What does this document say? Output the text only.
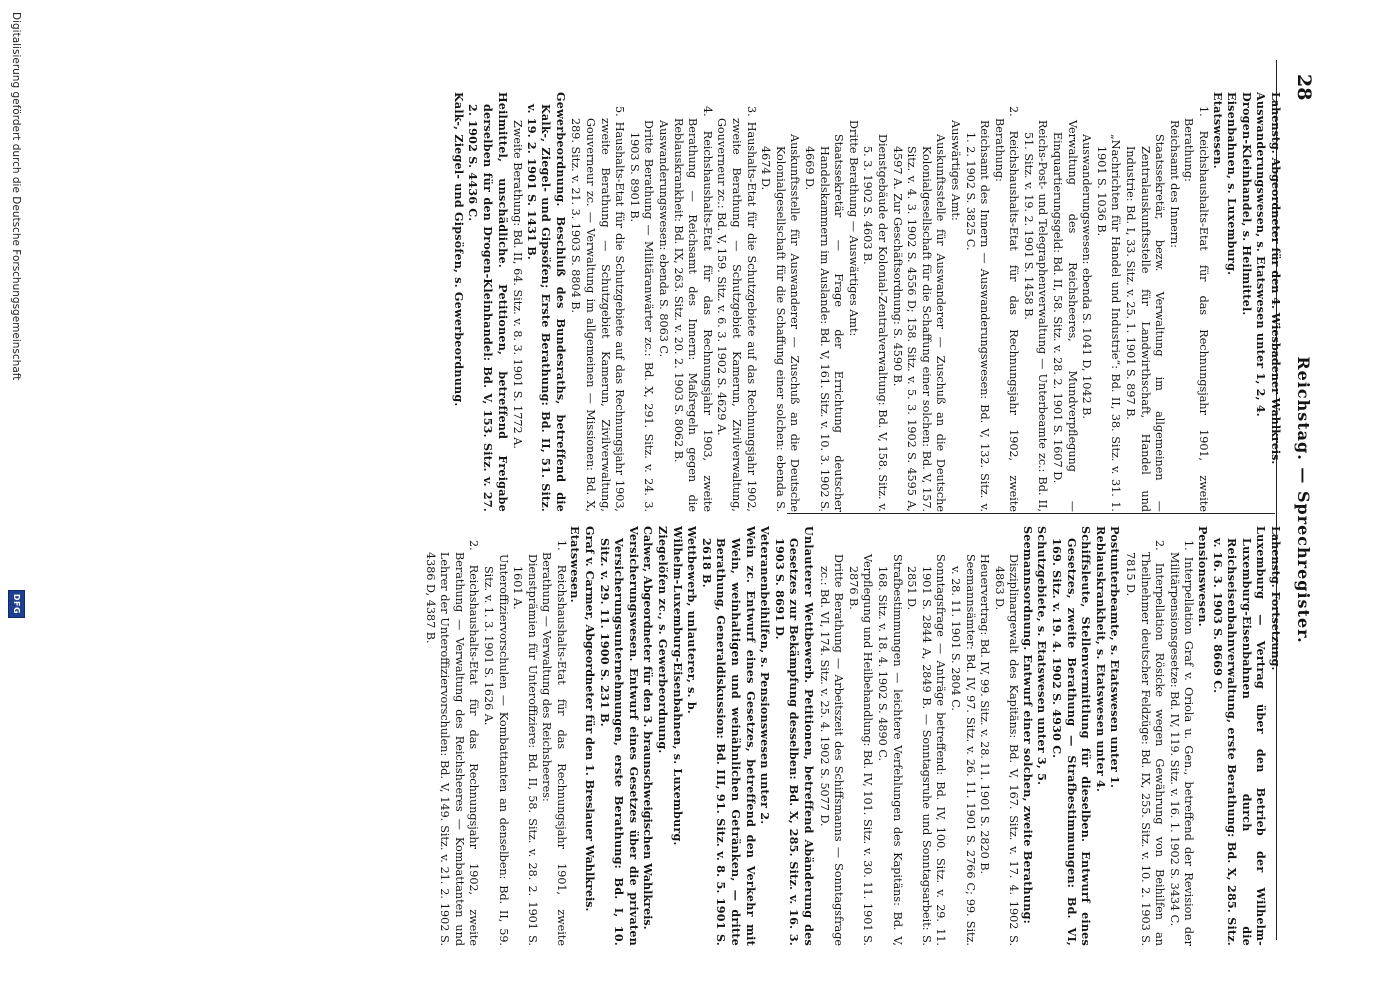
28
Reichstag. — Sprechregister.

Lahenstg. Abgeordneter für den 4. Wiesbadener Wahlkreis.

Auswanderungswesen, s. Etatswesen unter 1, 2, 4.

Drogen-Kleinhandel, s. Heilmittel.

Eisenbahnen, s. Luxemburg.

Etatswesen.

1. Reichshaushalts-Etat für das Rechnungsjahr 1901, zweite Berathung:

Reichsamt des Innern:

Staatssekretär, bezw. Verwaltung im allgemeinen — Zentralauskunftsstelle für Landwirthschaft, Handel und Industrie: Bd. I, 33. Sitz. v. 25. 1. 1901 S. 897 B.

„Nachrichten für Handel und Industrie“: Bd. II, 38. Sitz. v. 31. 1. 1901 S. 1036 B.

Auswanderungswesen: ebenda S. 1041 D, 1042 B.

Verwaltung des Reichsheeres, Mundverpflegung — Einquartierungsgeld: Bd. II, 58. Sitz. v. 28. 2. 1901 S. 1607 D.

Reichs-Post- und Telegraphenverwaltung — Unterbeamte zc.: Bd. II, 51. Sitz. v. 19. 2. 1901 S. 1458 B.

2. Reichshaushalts-Etat für das Rechnungsjahr 1902, zweite Berathung:

Reichsamt des Innern — Auswanderungswesen: Bd. V, 132. Sitz. v. 1. 2. 1902 S. 3825 C.

Auswärtiges Amt:

Auskunftsstelle für Auswanderer — Zuschuß an die Deutsche Kolonialgesellschaft für die Schaffung einer solchen: Bd. V, 157. Sitz. v. 4. 3. 1902 S. 4556 D; 158. Sitz. v. 5. 3. 1902 S. 4595 A, 4597 A. Zur Geschäftsordnung: S. 4590 B.

Dienstgebäude der Kolonial-Zentralverwaltung: Bd. V, 158. Sitz. v. 5. 3. 1902 S. 4603 B.

Dritte Berathung — Auswärtiges Amt:

Staatssekretär — Frage der Errichtung deutscher Handelskammern im Auslande: Bd. V, 161. Sitz. v. 10. 3. 1902 S. 4669 D.

Auskunftsstelle für Auswanderer — Zuschuß an die Deutsche Kolonialgesellschaft für die Schaffung einer solchen: ebenda S. 4674 D.

3. Haushalts-Etat für die Schutzgebiete auf das Rechnungsjahr 1902, zweite Berathung — Schutzgebiet Kamerun, Zivilverwaltung, Gouverneur zc.: Bd. V, 159. Sitz. v. 6. 3. 1902 S. 4629 A.

4. Reichshaushalts-Etat für das Rechnungsjahr 1903, zweite Berathung — Reichsamt des Innern: Maßregeln gegen die Reblauskrankheit: Bd. IX, 263. Sitz. v. 20. 2. 1903 S. 8062 B.

Auswanderungswesen: ebenda S. 8063 C.

Dritte Berathung — Militäranwärter zc.: Bd. X, 291. Sitz. v. 24. 3. 1903 S. 8901 B.

5. Haushalts-Etat für die Schutzgebiete auf das Rechnungsjahr 1903, zweite Berathung — Schutzgebiet Kamerun, Zivilverwaltung, Gouverneur zc. — Verwaltung im allgemeinen — Missionen: Bd. X, 289. Sitz. v. 21. 3. 1903 S. 8804 B.

Gewerbeordnung. Beschluß des Bundesraths, betreffend die Kalk-, Ziegel- und Gipsöfen; Erste Berathung: Bd. II, 51. Sitz. v. 19. 2. 1901 S. 1431 B.

Zweite Berathung: Bd. II, 64. Sitz. v. 8. 3. 1901 S. 1772 A.

Heilmittel, unschädliche. Petitionen, betreffend Freigabe derselben für den Drogen-Kleinhandel: Bd. V, 153. Sitz. v. 27. 2. 1902 S. 4436 C.

Kalk-, Ziegel- und Gipsöfen, s. Gewerbeordnung.

Lahenstg. Fortsetzung.

Luxemburg — Vertrag über den Betrieb der Wilhelm-Luxemburg-Eisenbahnen durch die Reichseisenbahnverwaltung, erste Berathung: Bd. X, 285. Sitz. v. 16. 3. 1903 S. 8669 C.

Pensionswesen.

1. Interpellation Graf v. Oriola u. Gen., betreffend der Revision der Militärpensionsgesetze: Bd. IV, 119. Sitz. v. 16. 1. 1902 S. 3434 C.

2. Interpellation Rösicke wegen Gewährung von Beihilfen an Theilnehmer deutscher Feldzüge: Bd. IX, 255. Sitz. v. 10. 2. 1903 S. 7815 D.

Postunterbeamte, s. Etatswesen unter 1.

Reblauskrankheit, s. Etatswesen unter 4.

Schiffsleute, Stellenvermittlung für dieselben. Entwurf eines Gesetzes, zweite Berathung — Strafbestimmungen: Bd. VI, 169. Sitz. v. 19. 4. 1902 S. 4930 C.

Schutzgebiete, s. Etatswesen unter 3, 5.

Seemannsordnung. Entwurf einer solchen, zweite Berathung:

Disziplinargewalt des Kapitäns: Bd. V, 167. Sitz. v. 17. 4. 1902 S. 4863 D.

Heuervertrag: Bd. IV, 99. Sitz. v. 28. 11. 1901 S. 2820 B.

Seemannsämter: Bd. IV, 97. Sitz. v. 26. 11. 1901 S. 2766 C; 99. Sitz. v. 28. 11. 1901 S. 2804 C.

Sonntagsfrage — Anträge betreffend: Bd. IV, 100. Sitz. v. 29. 11. 1901 S. 2844 A, 2849 B. — Sonntagsruhe und Sonntagsarbeit: S. 2851 D.

Strafbestimmungen — leichtere Verfehlungen des Kapitäns: Bd. V, 168. Sitz. v. 18. 4. 1902 S. 4890 C.

Verpflegung und Heilbehandlung: Bd. IV, 101. Sitz. v. 30. 11. 1901 S. 2876 B.

Dritte Berathung — Arbeitszeit des Schiffsmanns — Sonntagsfrage zc.: Bd. VI, 174. Sitz. v. 25. 4. 1902 S. 5077 D.

Unlauterer Wettbewerb. Petitionen, betreffend Abänderung des Gesetzes zur Bekämpfung desselben: Bd. X, 285. Sitz. v. 16. 3. 1903 S. 8691 D.

Veteranenbeihilfen, s. Pensionswesen unter 2.

Wein zc. Entwurf eines Gesetzes, betreffend den Verkehr mit Wein, weinhaltigen und weinähnlichen Getränken, — dritte Berathung, Generaldiskussion: Bd. III, 91. Sitz. v. 8. 5. 1901 S. 2618 B.

Wettbewerb, unlauterer, s. b.

Wilhelm-Luxemburg-Eisenbahnen, s. Luxemburg.

Ziegelöfen zc., s. Gewerbeordnung.

Calwer, Abgeordneter für den 3. braunschweigischen Wahlkreis.

Versicherungswesen. Entwurf eines Gesetzes über die privaten Versicherungsunternehmungen, erste Berathung: Bd. I, 10. Sitz. v. 29. 11. 1900 S. 231 B.

Graf v. Carmer, Abgeordneter für den 1. Breslauer Wahlkreis.

Etatswesen.

1. Reichshaushalts-Etat für das Rechnungsjahr 1901, zweite Berathung — Verwaltung des Reichsheeres:

Dienstprämien für Unteroffiziere: Bd. II, 58. Sitz. v. 28. 2. 1901 S. 1601 A.

Unteroffiziervorschulen — Kombattanten an denselben: Bd. II, 59. Sitz. v. 1. 3. 1901 S. 1626 A.

2. Reichshaushalts-Etat für das Rechnungsjahr 1902, zweite Berathung — Verwaltung des Reichsheeres — Kombattanten und Lehrer der Unteroffiziervorschulen: Bd. V, 149. Sitz. v. 21. 2. 1902 S. 4386 D, 4387 B.

Digitalisierung gefördert durch die Deutsche Forschungsgemeinschaft
DFG
